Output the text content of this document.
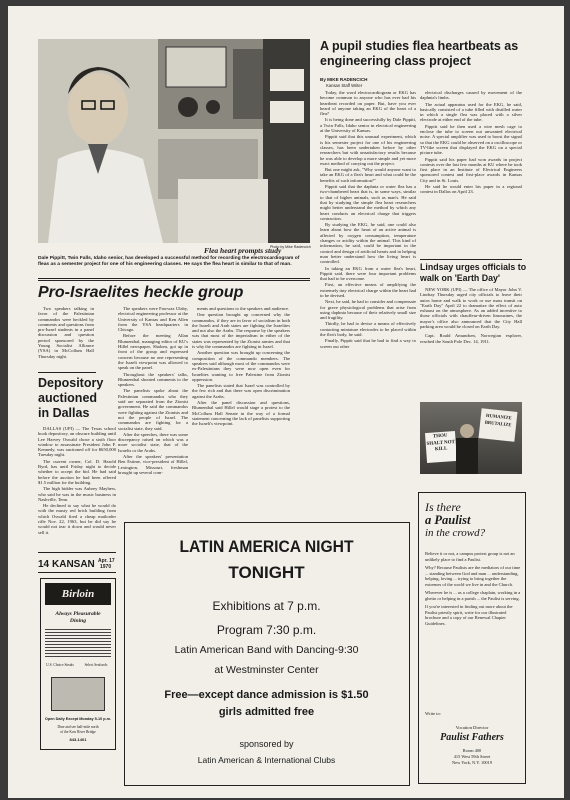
Flea heart prompts study
Photo by Mike Radencich
Dale Pippitt, Twin Falls, Idaho senior, has developed a successful method for recording the electrocardiogram of fleas as a semester project for one of his engineering classes. He says the flea heart is similar to that of man.
A pupil studies flea heartbeats as engineering class project
By MIKE RADENCICH
Kansan Staff Writer

Today, the word electrocardiogram or EKG has become common to anyone who has ever had his heartbeat recorded on paper. But, have you ever heard of anyone taking an EKG of the heart of a flea?

It is being done and successfully by Dale Pippitt, a Twin Falls, Idaho senior in electrical engineering at the University of Kansas.

Pippitt said that this unusual experiment, which is his semester project for one of his engineering classes, has been undertaken before by other researchers but with unsatisfactory results because he was able to develop a more simple and yet more exact method of carrying out the project.

But one might ask, "Why would anyone want to take an EKG of a flea's heart and what could be the benefits of such information?"

Pippitt said that the daphnia or water flea has a two-chambered heart that is, in some ways, similar to that of higher animals, such as man's. He said that by studying the simple flea heart researchers might better understand the method by which any heart conducts an electrical charge that triggers contraction.

By studying the EKG, he said, one could also learn about how the heart of an active animal is affected by oxygen consumption, temperature changes or acidity within the animal. This kind of information, he said, could be important in the control and design of artificial hearts and in helping man better understand how the living heart is controlled.

In taking an EKG from a water flea's heart, Pippitt said, there were four important problems that had to be overcome.

First, an effective means of amplifying the extremely tiny electrical charge within the heart had to be devised.

Next, he said, he had to consider and compensate for grave physiological problems that arise from using daphnia because of their relatively small size and fragility.

Thirdly, he had to devise a means of effectively contacting miniature electrodes to be placed within the flea's body, he said.

Finally, Pippitt said that he had to find a way to screen out other

electrical discharges caused by movement of the daphnia's limbs.

The actual apparatus used for the EKG, he said, basically consisted of a tube filled with distilled water in which a single flea was placed with a silver electrode at either end of the tube.

Pippitt said he then used a wire mesh cage to enclose the tube to screen out unwanted electrical noise. A special amplifier was used to boost the signal so that the EKG could be observed on a oscilloscope or TV-like screen that displayed the EKG on a special picture tube.

Pippitt said his paper had won awards in project contests over the last few months at KU where he took first place in an Institute of Electrical Engineers sponsored contest and first-place awards in Kansas City and in St. Louis.

He said he would enter his paper in a regional contest in Dallas on April 23.

Lindsay urges officials to walk on 'Earth Day'

NEW YORK (UPI) — The office of Mayor John V. Lindsay Thursday urged city officials to leave their autos home and walk to work or use mass transit on "Earth Day" April 22 to dramatize the effect of auto exhaust on the atmosphere. As an added incentive to those officials with chauffeur-driven limousines, the mayor's office also announced that the City Hall parking area would be closed on Earth Day.

Capt. Roald Amundsen, Norwegian explorer, reached the South Pole Dec. 14, 1911.

THOU SHALT NOT KILL
HUMANIZE BRUTALIZE
Pro-Israelites heckle group

Two speakers talking in favor of the Palestinian commandos were heckled by comments and questions from pro-Israel students in a panel discussion and question period sponsored by the Young Socialist Alliance (YSA) in McCollum Hall Thursday night.

The speakers were Fawwaz Ulaby, electrical engineering professor at the University of Kansas and Ken Allen from the YSA headquarters in Chicago.

Before the meeting Allan Blumenthal, managing editor of KU's Hillel newspaper, Shalom, got up in front of the group and expressed concern because no one representing the Israeli viewpoint was allowed to speak on the panel.

Throughout the speakers' talks, Blumenthal shouted comments to the speakers.

The panelists spoke about the Palestinian commandos who they said are separated from the Zionist government. He said the commandos were fighting against the Zionists and not the people of Israel. The commandos are fighting for a socialist state, they said.

After the speeches, there was some discrepancy raised on which was a more socialist state, that of the Israelis or the Arabs.

After the speakers' presentation Ben Estime, vice-president of Hillel, Lexington, Missouri, freshman brought up several com-

ments and questions to the speakers and audience.

One question brought up concerned why the commandos, if they are in favor of socialism in both the Israeli and Arab states are fighting the Israelites and not also the Arabs. The response by the speakers was that most of the imperialism in either of the states was represented by the Zionist armies and that is why the commandos are fighting in Israel.

Another question was brought up concerning the composition of the commando members. The speakers said although most of the commandos were ex-Palestinians they were now open even for Israelites wanting to free Palestine from Zionist oppression.

The panelists stated that Israel was controlled by the few rich and that there was open discrimination against the Arabs.

After the panel discussion and questions, Blumenthal said Hillel would stage a protest to the McCollum Hall Senate in the way of a formal statement concerning the lack of panelists supporting the Israeli's viewpoint.

Depository auctioned in Dallas

DALLAS (UPI) — The Texas school book depository, an obscure building until Lee Harvey Oswald chose a sixth floor window to assassinate President John F. Kennedy, was auctioned off for $650,000 Tuesday night.

The current owner, Col. D. Harold Byrd, has until Friday night to decide whether to accept the bid. He had said before the auction he had been offered $1.5 million for the building.

The high bidder was Aubrey Mayhew, who said he was in the music business in Nashville, Tenn.

He declined to say what he would do with the musty red brick building from which Oswald fired a cheap mailorder rifle Nov. 22, 1963, but he did say he would not tear it down and would never sell it.

14 KANSAN Apr. 17
1970
Birloin
Always Pleasurable
Dining
U.S. Choice Steaks	Select Seafoods
Open Daily Except Monday 5-10 p.m.
Dine and see half-mile north
of the Kaw River Bridge
843-1401
LATIN AMERICA NIGHT
TONIGHT
Exhibitions at 7 p.m.
Program 7:30 p.m.
Latin American Band with Dancing-9:30
at Westminster Center
Free—except dance admission is $1.50
girls admitted free
sponsored by
Latin American & International Clubs
Is there
a Paulist
in the crowd?

Believe it or not, a campus protest group is not an unlikely place to find a Paulist.

Why? Because Paulists are the mediators of our time ... standing between God and man ... understanding, helping, loving ... trying to bring together the extremes of the world we live in and the Church.

Wherever he is ... as a college chaplain, working in a ghetto or helping in a parish ... the Paulist is serving.

If you're interested in finding out more about the Paulist priestly spirit, write for our illustrated brochure and a copy of our Renewal Chapter Guidelines.

Write to:
Vocation Director
Paulist Fathers
Room 400
415 West 59th Street
New York, N.Y. 10019
